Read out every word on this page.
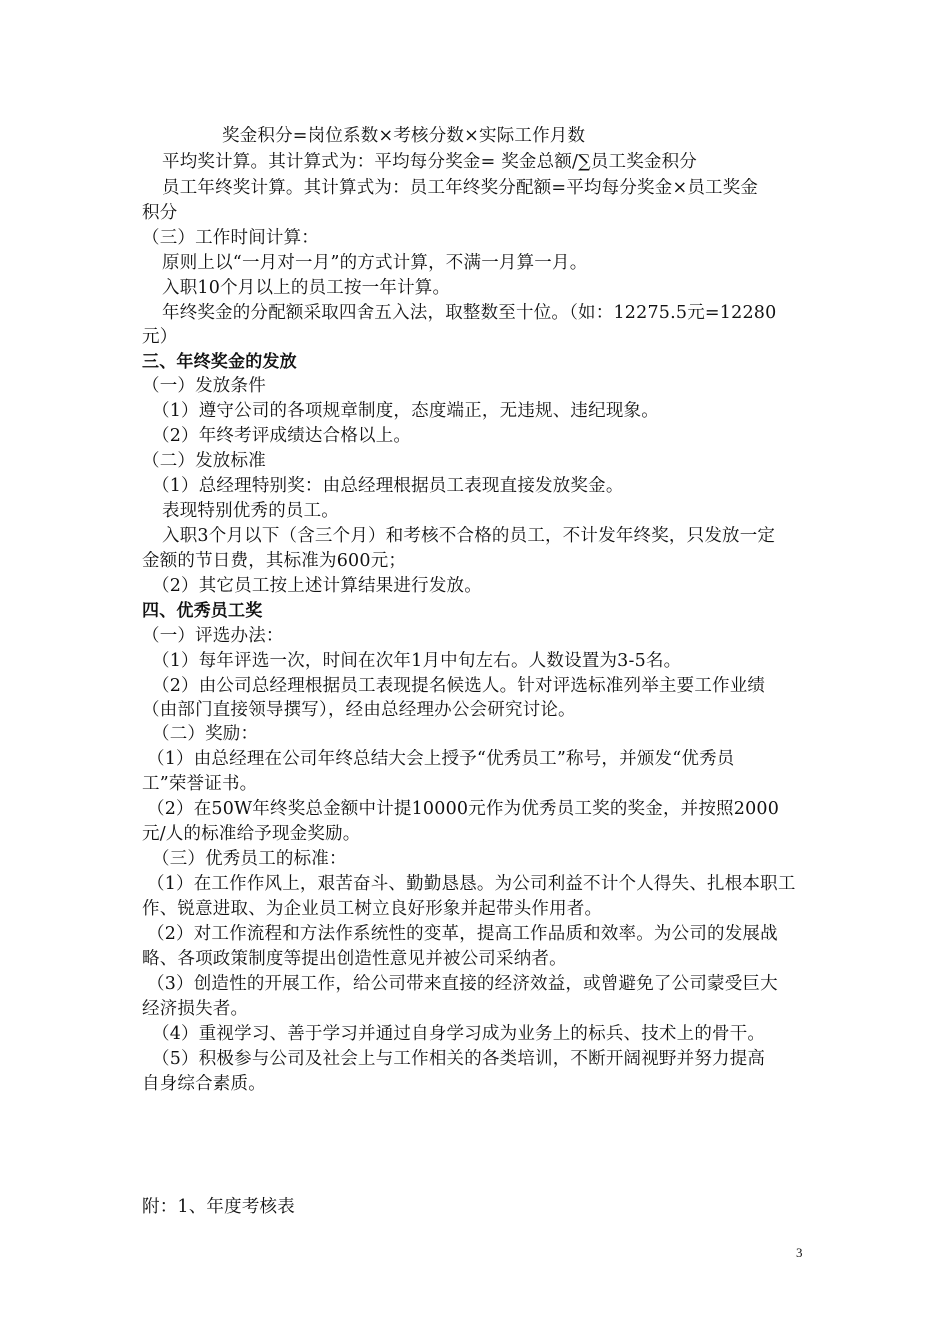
奖金积分=岗位系数×考核分数×实际工作月数
平均奖计算。其计算式为：平均每分奖金= 奖金总额/∑员工奖金积分
员工年终奖计算。其计算式为：员工年终奖分配额=平均每分奖金×员工奖金
积分
（三）工作时间计算：
原则上以“一月对一月”的方式计算，不满一月算一月。
入职10个月以上的员工按一年计算。
年终奖金的分配额采取四舍五入法，取整数至十位。（如：12275.5元=12280
元）
三、年终奖金的发放
（一）发放条件
（1）遵守公司的各项规章制度，态度端正，无违规、违纪现象。
（2）年终考评成绩达合格以上。
（二）发放标准
（1）总经理特别奖：由总经理根据员工表现直接发放奖金。
表现特别优秀的员工。
入职3个月以下（含三个月）和考核不合格的员工，不计发年终奖，只发放一定
金额的节日费，其标准为600元；
（2）其它员工按上述计算结果进行发放。
四、优秀员工奖
（一）评选办法：
（1）每年评选一次，时间在次年1月中旬左右。人数设置为3-5名。
（2）由公司总经理根据员工表现提名候选人。针对评选标准列举主要工作业绩
（由部门直接领导撰写），经由总经理办公会研究讨论。
（二）奖励：
（1）由总经理在公司年终总结大会上授予“优秀员工”称号，并颁发“优秀员
工”荣誉证书。
（2）在50W年终奖总金额中计提10000元作为优秀员工奖的奖金，并按照2000
元/人的标准给予现金奖励。
（三）优秀员工的标准：
（1）在工作作风上，艰苦奋斗、勤勤恳恳。为公司利益不计个人得失、扎根本职工
作、锐意进取、为企业员工树立良好形象并起带头作用者。
（2）对工作流程和方法作系统性的变革，提高工作品质和效率。为公司的发展战
略、各项政策制度等提出创造性意见并被公司采纳者。
（3）创造性的开展工作，给公司带来直接的经济效益，或曾避免了公司蒙受巨大
经济损失者。
（4）重视学习、善于学习并通过自身学习成为业务上的标兵、技术上的骨干。
（5）积极参与公司及社会上与工作相关的各类培训，不断开阔视野并努力提高
自身综合素质。
附：1、年度考核表
3
